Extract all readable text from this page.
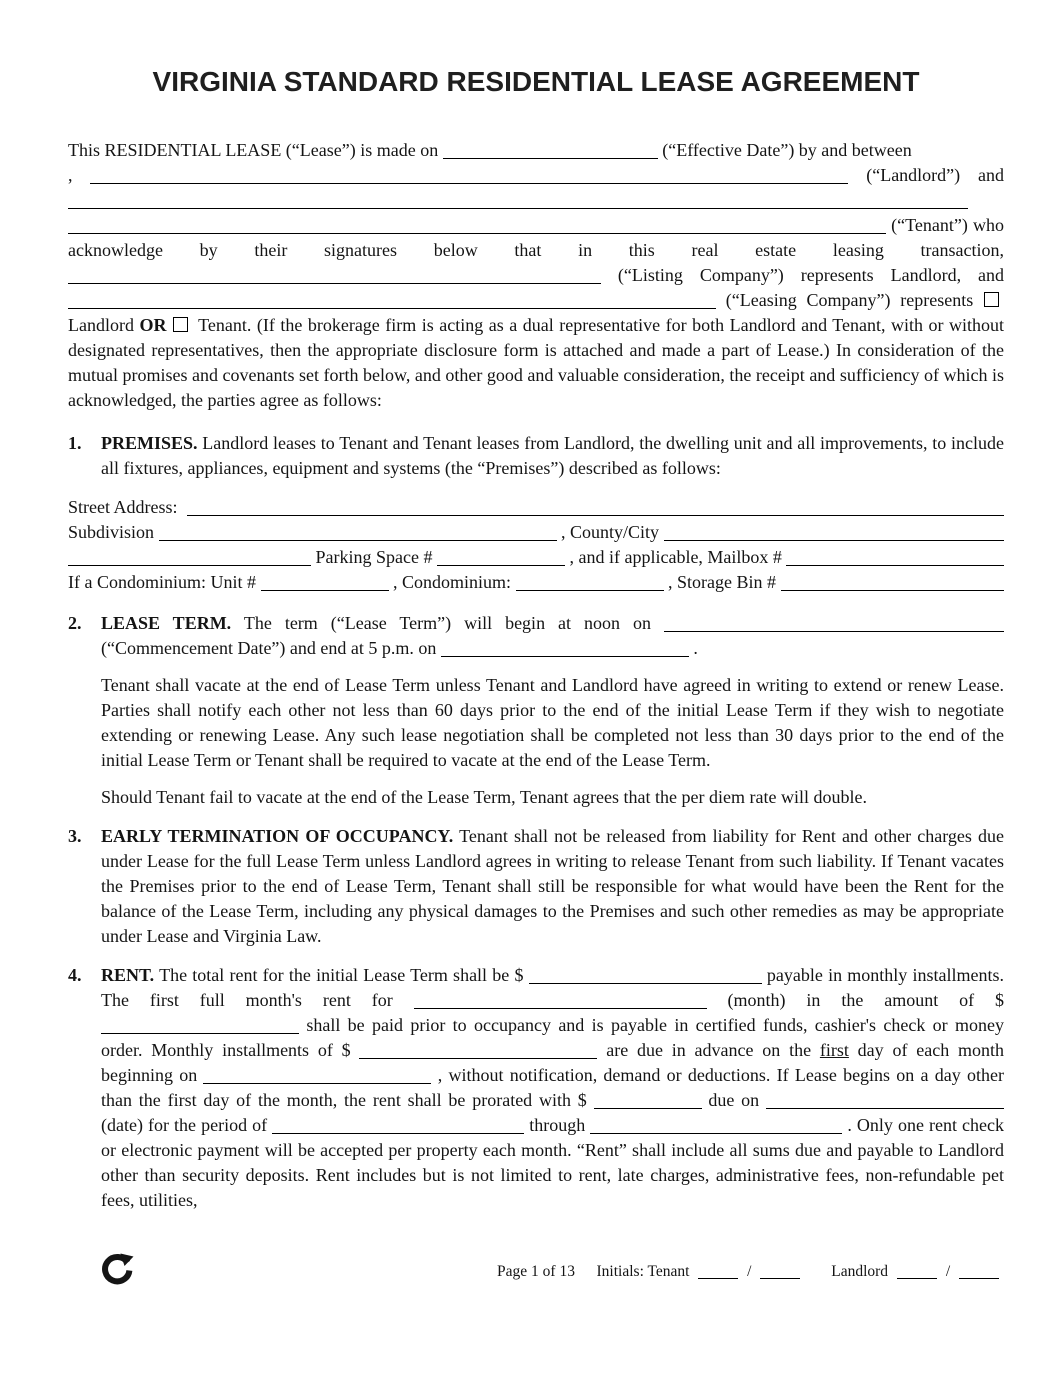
VIRGINIA STANDARD RESIDENTIAL LEASE AGREEMENT

This RESIDENTIAL LEASE (“Lease”) is made on	(“Effective Date”) by and between
,	(“Landlord”) and   (“Tenant”) who acknowledge by their signatures below that in this real estate leasing transaction,  (“Listing Company”) represents Landlord, and  (“Leasing Company”) represents  Landlord OR  Tenant. (If the brokerage firm is acting as a dual representative for both Landlord and Tenant, with or without designated representatives, then the appropriate disclosure form is attached and made a part of Lease.) In consideration of the mutual promises and covenants set forth below, and other good and valuable consideration, the receipt and sufficiency of which is acknowledged, the parties agree as follows:

1.	PREMISES. Landlord leases to Tenant and Tenant leases from Landlord, the dwelling unit and all improvements, to include all fixtures, appliances, equipment and systems (the “Premises”) described as follows:

Street Address:

Subdivision	, County/City

Parking Space #	, and if applicable, Mailbox #

If a Condominium: Unit #	, Condominium:	, Storage Bin #

2.	LEASE TERM. The term (“Lease Term”) will begin at noon on  (“Commencement Date”) and end at 5 p.m. on	.

Tenant shall vacate at the end of Lease Term unless Tenant and Landlord have agreed in writing to extend or renew Lease. Parties shall notify each other not less than 60 days prior to the end of the initial Lease Term if they wish to negotiate extending or renewing Lease. Any such lease negotiation shall be completed not less than 30 days prior to the end of the initial Lease Term or Tenant shall be required to vacate at the end of the Lease Term.

Should Tenant fail to vacate at the end of the Lease Term, Tenant agrees that the per diem rate will double.

3.	EARLY TERMINATION OF OCCUPANCY. Tenant shall not be released from liability for Rent and other charges due under Lease for the full Lease Term unless Landlord agrees in writing to release Tenant from such liability. If Tenant vacates the Premises prior to the end of Lease Term, Tenant shall still be responsible for what would have been the Rent for the balance of the Lease Term, including any physical damages to the Premises and such other remedies as may be appropriate under Lease and Virginia Law.

4.	RENT. The total rent for the initial Lease Term shall be $	payable in monthly installments. The first full month's rent for	(month) in the amount of $  shall be paid prior to occupancy and is payable in certified funds, cashier's check or money order. Monthly installments of $	are due in advance on the first day of each month beginning on	, without notification, demand or deductions. If Lease begins on a day other than the first day of the month, the rent shall be prorated with $	due on  (date) for the period of	through	. Only one rent check or electronic payment will be accepted per property each month. “Rent” shall include all sums due and payable to Landlord other than security deposits. Rent includes but is not limited to rent, late charges, administrative fees, non-refundable pet fees, utilities,

Page 1 of 13	Initials: Tenant	/	Landlord	/
